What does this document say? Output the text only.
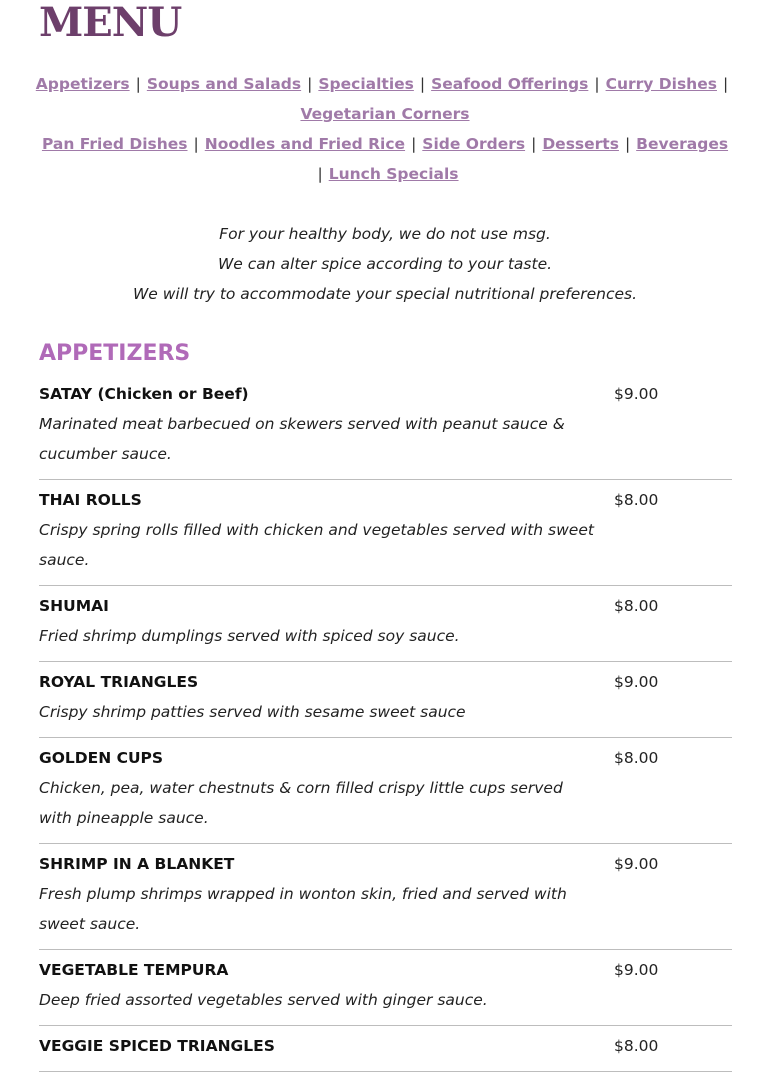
MENU
Appetizers | Soups and Salads | Specialties | Seafood Offerings | Curry Dishes |
Vegetarian Corners
Pan Fried Dishes | Noodles and Fried Rice | Side Orders | Desserts | Beverages
| Lunch Specials
For your healthy body, we do not use msg.
We can alter spice according to your taste.
We will try to accommodate your special nutritional preferences.
APPETIZERS
SATAY (Chicken or Beef)	$9.00
Marinated meat barbecued on skewers served with peanut sauce & cucumber sauce.
THAI ROLLS	$8.00
Crispy spring rolls filled with chicken and vegetables served with sweet sauce.
SHUMAI	$8.00
Fried shrimp dumplings served with spiced soy sauce.
ROYAL TRIANGLES	$9.00
Crispy shrimp patties served with sesame sweet sauce
GOLDEN CUPS	$8.00
Chicken, pea, water chestnuts & corn filled crispy little cups served with pineapple sauce.
SHRIMP IN A BLANKET	$9.00
Fresh plump shrimps wrapped in wonton skin, fried and served with sweet sauce.
VEGETABLE TEMPURA	$9.00
Deep fried assorted vegetables served with ginger sauce.
VEGGIE SPICED TRIANGLES	$8.00
